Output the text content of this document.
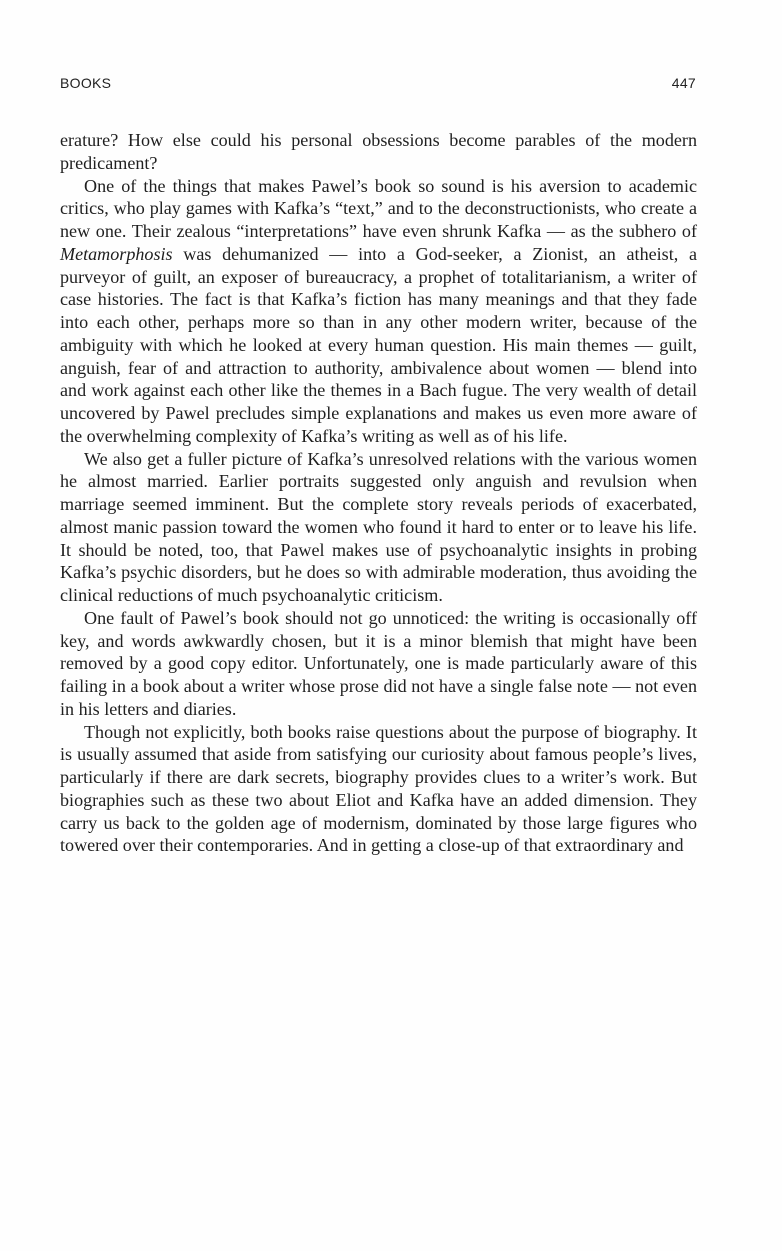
BOOKS	447

erature? How else could his personal obsessions become parables of the modern predicament?

One of the things that makes Pawel’s book so sound is his aversion to academic critics, who play games with Kafka’s “text,” and to the deconstructionists, who create a new one. Their zealous “interpretations” have even shrunk Kafka — as the subhero of Metamorphosis was dehumanized — into a God-seeker, a Zionist, an atheist, a purveyor of guilt, an exposer of bureaucracy, a prophet of totalitarianism, a writer of case histories. The fact is that Kafka’s fiction has many meanings and that they fade into each other, perhaps more so than in any other modern writer, because of the ambiguity with which he looked at every human question. His main themes — guilt, anguish, fear of and attraction to authority, ambivalence about women — blend into and work against each other like the themes in a Bach fugue. The very wealth of detail uncovered by Pawel precludes simple explanations and makes us even more aware of the overwhelming complexity of Kafka’s writing as well as of his life.

We also get a fuller picture of Kafka’s unresolved relations with the various women he almost married. Earlier portraits suggested only anguish and revulsion when marriage seemed imminent. But the complete story reveals periods of exacerbated, almost manic passion toward the women who found it hard to enter or to leave his life. It should be noted, too, that Pawel makes use of psychoanalytic insights in probing Kafka’s psychic disorders, but he does so with admirable moderation, thus avoiding the clinical reductions of much psychoanalytic criticism.

One fault of Pawel’s book should not go unnoticed: the writing is occasionally off key, and words awkwardly chosen, but it is a minor blemish that might have been removed by a good copy editor. Unfortunately, one is made particularly aware of this failing in a book about a writer whose prose did not have a single false note — not even in his letters and diaries.

Though not explicitly, both books raise questions about the purpose of biography. It is usually assumed that aside from satisfying our curiosity about famous people’s lives, particularly if there are dark secrets, biography provides clues to a writer’s work. But biographies such as these two about Eliot and Kafka have an added dimension. They carry us back to the golden age of modernism, dominated by those large figures who towered over their contemporaries. And in getting a close-up of that extraordinary and
